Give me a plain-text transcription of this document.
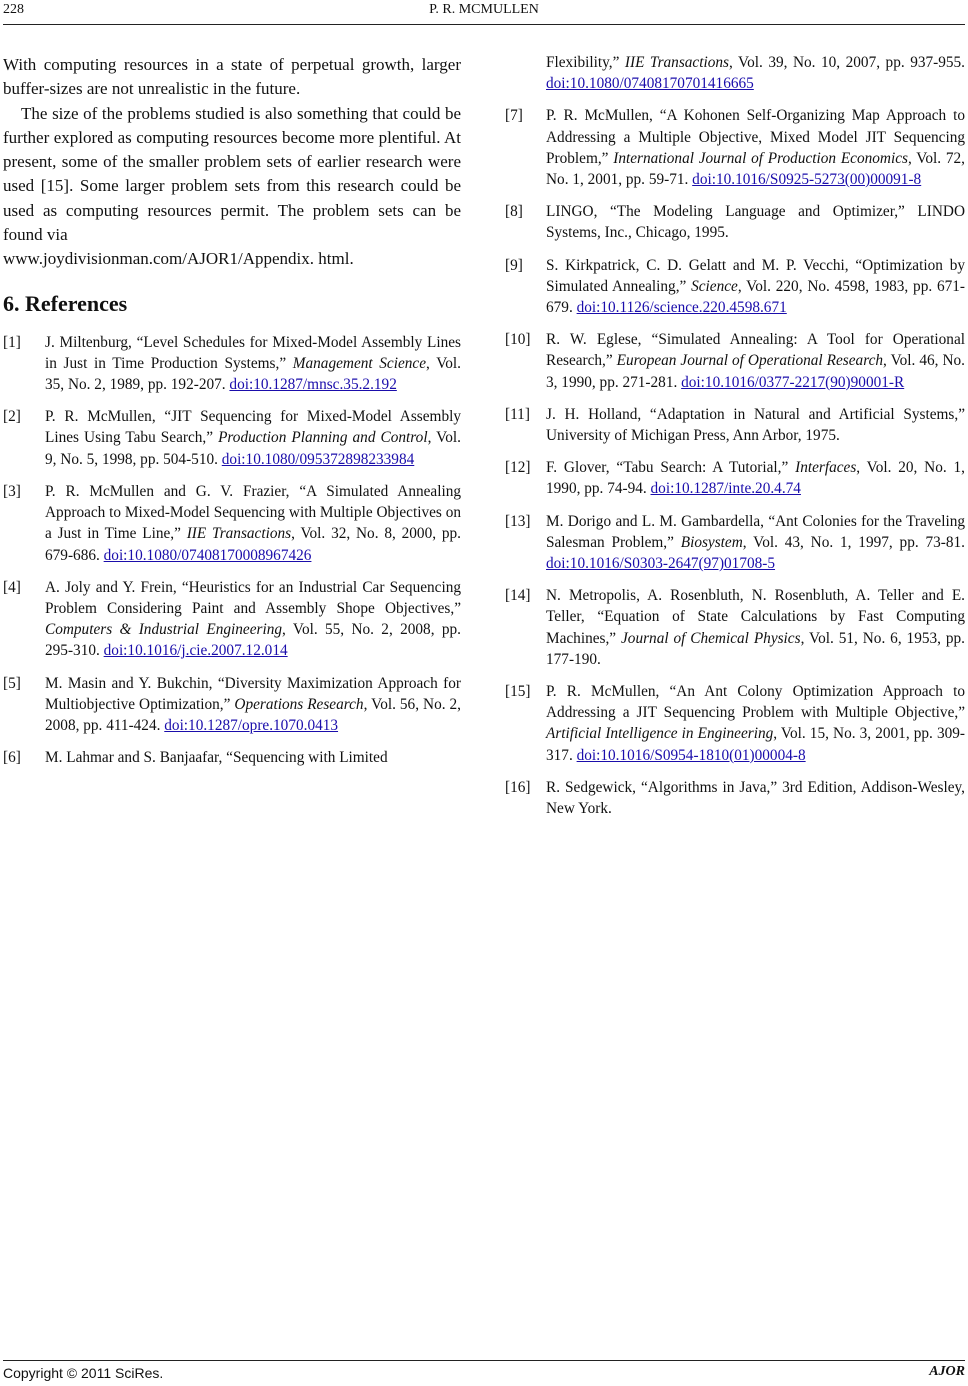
228	P. R. MCMULLEN

With computing resources in a state of perpetual growth, larger buffer-sizes are not unrealistic in the future.

The size of the problems studied is also something that could be further explored as computing resources become more plentiful. At present, some of the smaller problem sets of earlier research were used [15]. Some larger problem sets from this research could be used as computing resources permit. The problem sets can be found via

www.joydivisionman.com/AJOR1/Appendix. html.

6. References
[1] J. Miltenburg, “Level Schedules for Mixed-Model Assembly Lines in Just in Time Production Systems,” Management Science, Vol. 35, No. 2, 1989, pp. 192-207. doi:10.1287/mnsc.35.2.192
[2] P. R. McMullen, “JIT Sequencing for Mixed-Model Assembly Lines Using Tabu Search,” Production Planning and Control, Vol. 9, No. 5, 1998, pp. 504-510. doi:10.1080/095372898233984
[3] P. R. McMullen and G. V. Frazier, “A Simulated Annealing Approach to Mixed-Model Sequencing with Multiple Objectives on a Just in Time Line,” IIE Transactions, Vol. 32, No. 8, 2000, pp. 679-686. doi:10.1080/07408170008967426
[4] A. Joly and Y. Frein, “Heuristics for an Industrial Car Sequencing Problem Considering Paint and Assembly Shope Objectives,” Computers & Industrial Engineering, Vol. 55, No. 2, 2008, pp. 295-310. doi:10.1016/j.cie.2007.12.014
[5] M. Masin and Y. Bukchin, “Diversity Maximization Approach for Multiobjective Optimization,” Operations Research, Vol. 56, No. 2, 2008, pp. 411-424. doi:10.1287/opre.1070.0413
[6] M. Lahmar and S. Banjaafar, “Sequencing with Limited
Flexibility,” IIE Transactions, Vol. 39, No. 10, 2007, pp. 937-955. doi:10.1080/07408170701416665
[7] P. R. McMullen, “A Kohonen Self-Organizing Map Approach to Addressing a Multiple Objective, Mixed Model JIT Sequencing Problem,” International Journal of Production Economics, Vol. 72, No. 1, 2001, pp. 59-71. doi:10.1016/S0925-5273(00)00091-8
[8] LINGO, “The Modeling Language and Optimizer,” LINDO Systems, Inc., Chicago, 1995.
[9] S. Kirkpatrick, C. D. Gelatt and M. P. Vecchi, “Optimization by Simulated Annealing,” Science, Vol. 220, No. 4598, 1983, pp. 671-679. doi:10.1126/science.220.4598.671
[10] R. W. Eglese, “Simulated Annealing: A Tool for Operational Research,” European Journal of Operational Research, Vol. 46, No. 3, 1990, pp. 271-281. doi:10.1016/0377-2217(90)90001-R
[11] J. H. Holland, “Adaptation in Natural and Artificial Systems,” University of Michigan Press, Ann Arbor, 1975.
[12] F. Glover, “Tabu Search: A Tutorial,” Interfaces, Vol. 20, No. 1, 1990, pp. 74-94. doi:10.1287/inte.20.4.74
[13] M. Dorigo and L. M. Gambardella, “Ant Colonies for the Traveling Salesman Problem,” Biosystem, Vol. 43, No. 1, 1997, pp. 73-81. doi:10.1016/S0303-2647(97)01708-5
[14] N. Metropolis, A. Rosenbluth, N. Rosenbluth, A. Teller and E. Teller, “Equation of State Calculations by Fast Computing Machines,” Journal of Chemical Physics, Vol. 51, No. 6, 1953, pp. 177-190.
[15] P. R. McMullen, “An Ant Colony Optimization Approach to Addressing a JIT Sequencing Problem with Multiple Objective,” Artificial Intelligence in Engineering, Vol. 15, No. 3, 2001, pp. 309-317. doi:10.1016/S0954-1810(01)00004-8
[16] R. Sedgewick, “Algorithms in Java,” 3rd Edition, Addison-Wesley, New York.
Copyright © 2011 SciRes.	AJOR
